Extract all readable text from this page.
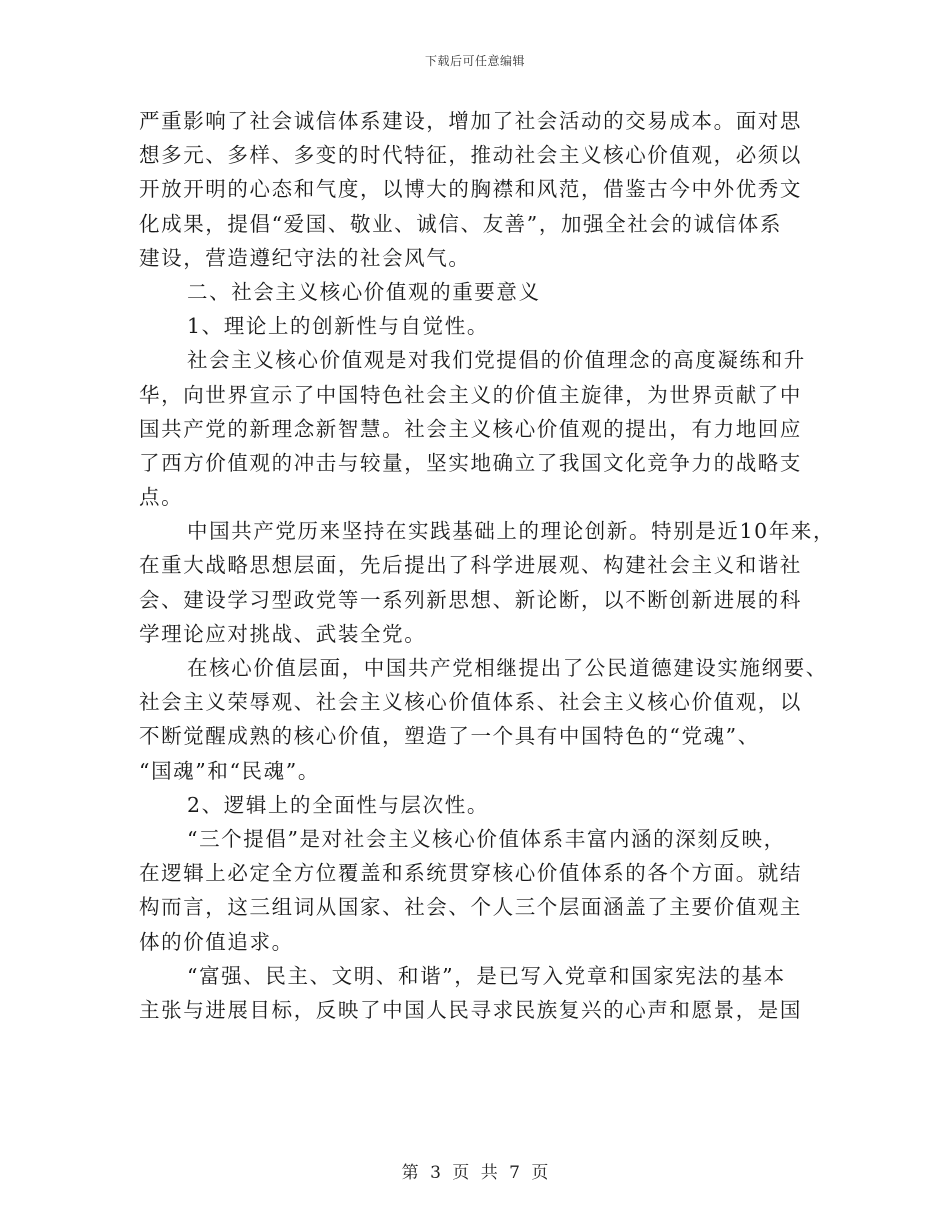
下载后可任意编辑
严重影响了社会诚信体系建设，增加了社会活动的交易成本。面对思
想多元、多样、多变的时代特征，推动社会主义核心价值观，必须以
开放开明的心态和气度，以博大的胸襟和风范，借鉴古今中外优秀文
化成果，提倡“爱国、敬业、诚信、友善”，加强全社会的诚信体系
建设，营造遵纪守法的社会风气。
二、社会主义核心价值观的重要意义
1、理论上的创新性与自觉性。
社会主义核心价值观是对我们党提倡的价值理念的高度凝练和升
华，向世界宣示了中国特色社会主义的价值主旋律，为世界贡献了中
国共产党的新理念新智慧。社会主义核心价值观的提出，有力地回应
了西方价值观的冲击与较量，坚实地确立了我国文化竞争力的战略支
点。
中国共产党历来坚持在实践基础上的理论创新。特别是近10年来，
在重大战略思想层面，先后提出了科学进展观、构建社会主义和谐社
会、建设学习型政党等一系列新思想、新论断，以不断创新进展的科
学理论应对挑战、武装全党。
在核心价值层面，中国共产党相继提出了公民道德建设实施纲要、
社会主义荣辱观、社会主义核心价值体系、社会主义核心价值观，以
不断觉醒成熟的核心价值，塑造了一个具有中国特色的“党魂”、
“国魂”和“民魂”。
2、逻辑上的全面性与层次性。
“三个提倡”是对社会主义核心价值体系丰富内涵的深刻反映，
在逻辑上必定全方位覆盖和系统贯穿核心价值体系的各个方面。就结
构而言，这三组词从国家、社会、个人三个层面涵盖了主要价值观主
体的价值追求。
“富强、民主、文明、和谐”，是已写入党章和国家宪法的基本
主张与进展目标，反映了中国人民寻求民族复兴的心声和愿景，是国
第 3 页 共 7 页
